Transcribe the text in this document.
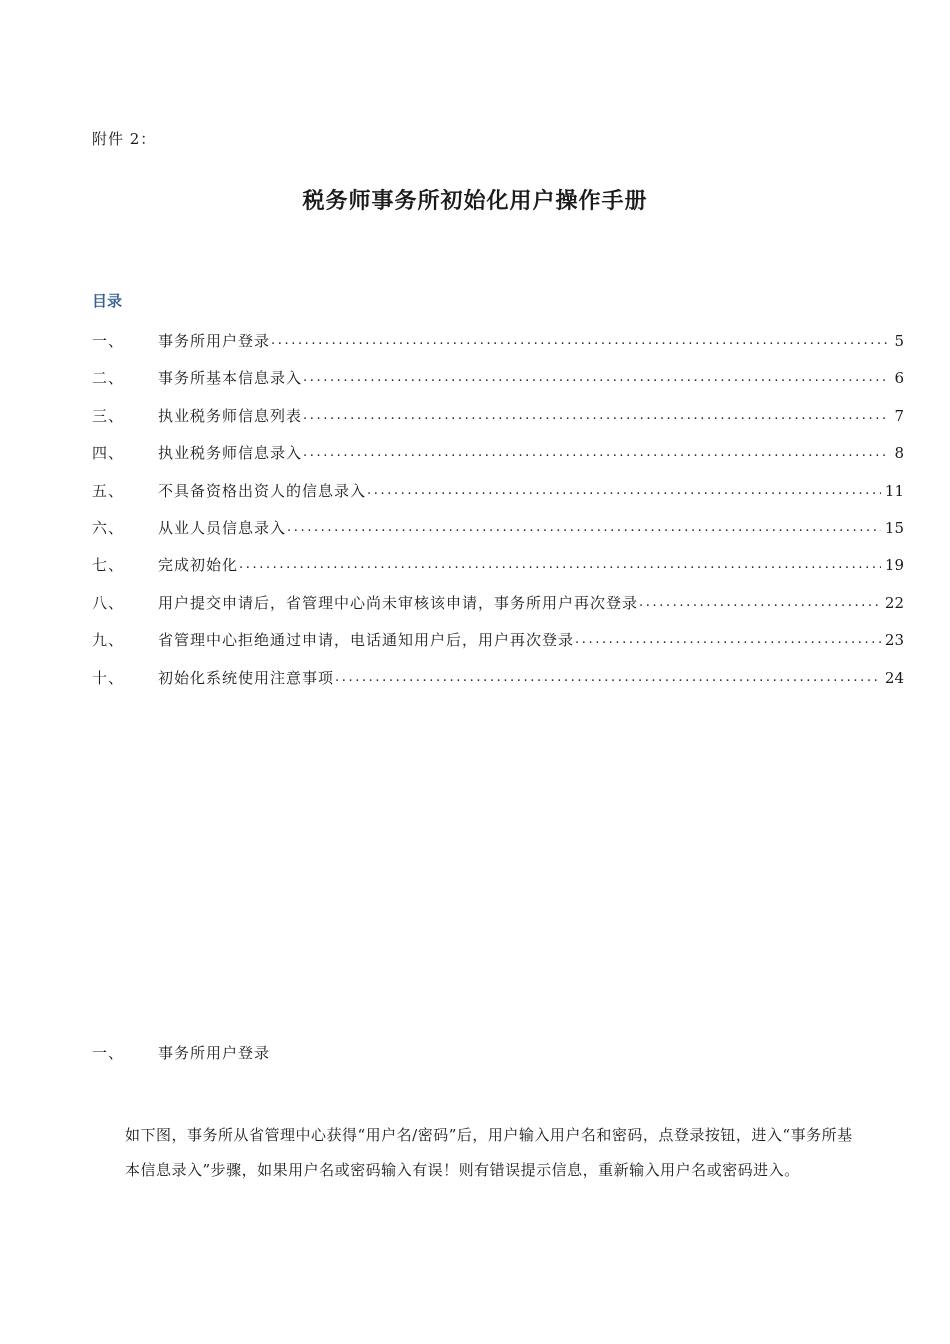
附件 2：
税务师事务所初始化用户操作手册
目录
一、	事务所用户登录 .....	5
二、	事务所基本信息录入 .....	6
三、	执业税务师信息列表 .....	7
四、	执业税务师信息录入 .....	8
五、	不具备资格出资人的信息录入 .....	11
六、	从业人员信息录入 .....	15
七、	完成初始化 .....	19
八、	用户提交申请后，省管理中心尚未审核该申请，事务所用户再次登录 .....	22
九、	省管理中心拒绝通过申请，电话通知用户后，用户再次登录 .....	23
十、	初始化系统使用注意事项 .....	24
一、	事务所用户登录
如下图，事务所从省管理中心获得“用户名/密码”后，用户输入用户名和密码，点登录按钮，进入“事务所基本信息录入”步骤，如果用户名或密码输入有误！则有错误提示信息，重新输入用户名或密码进入。
